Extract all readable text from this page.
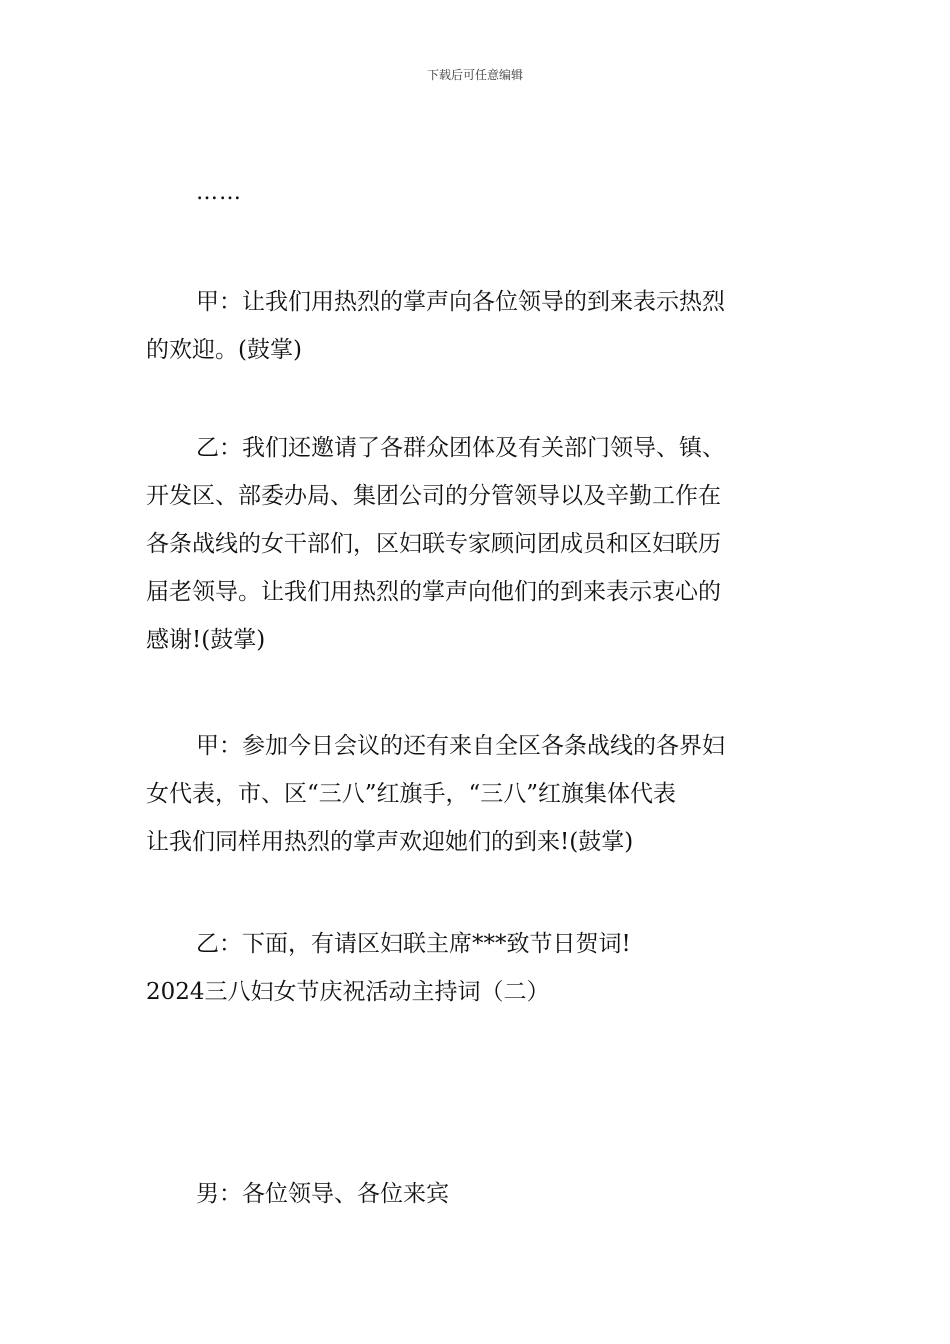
下载后可任意编辑
……
甲：让我们用热烈的掌声向各位领导的到来表示热烈
的欢迎。(鼓掌)
乙：我们还邀请了各群众团体及有关部门领导、镇、
开发区、部委办局、集团公司的分管领导以及辛勤工作在
各条战线的女干部们，区妇联专家顾问团成员和区妇联历
届老领导。让我们用热烈的掌声向他们的到来表示衷心的
感谢!(鼓掌)
甲：参加今日会议的还有来自全区各条战线的各界妇
女代表，市、区“三八”红旗手，“三八”红旗集体代表
让我们同样用热烈的掌声欢迎她们的到来!(鼓掌)
乙：下面，有请区妇联主席***致节日贺词!
2024三八妇女节庆祝活动主持词（二）
男：各位领导、各位来宾
